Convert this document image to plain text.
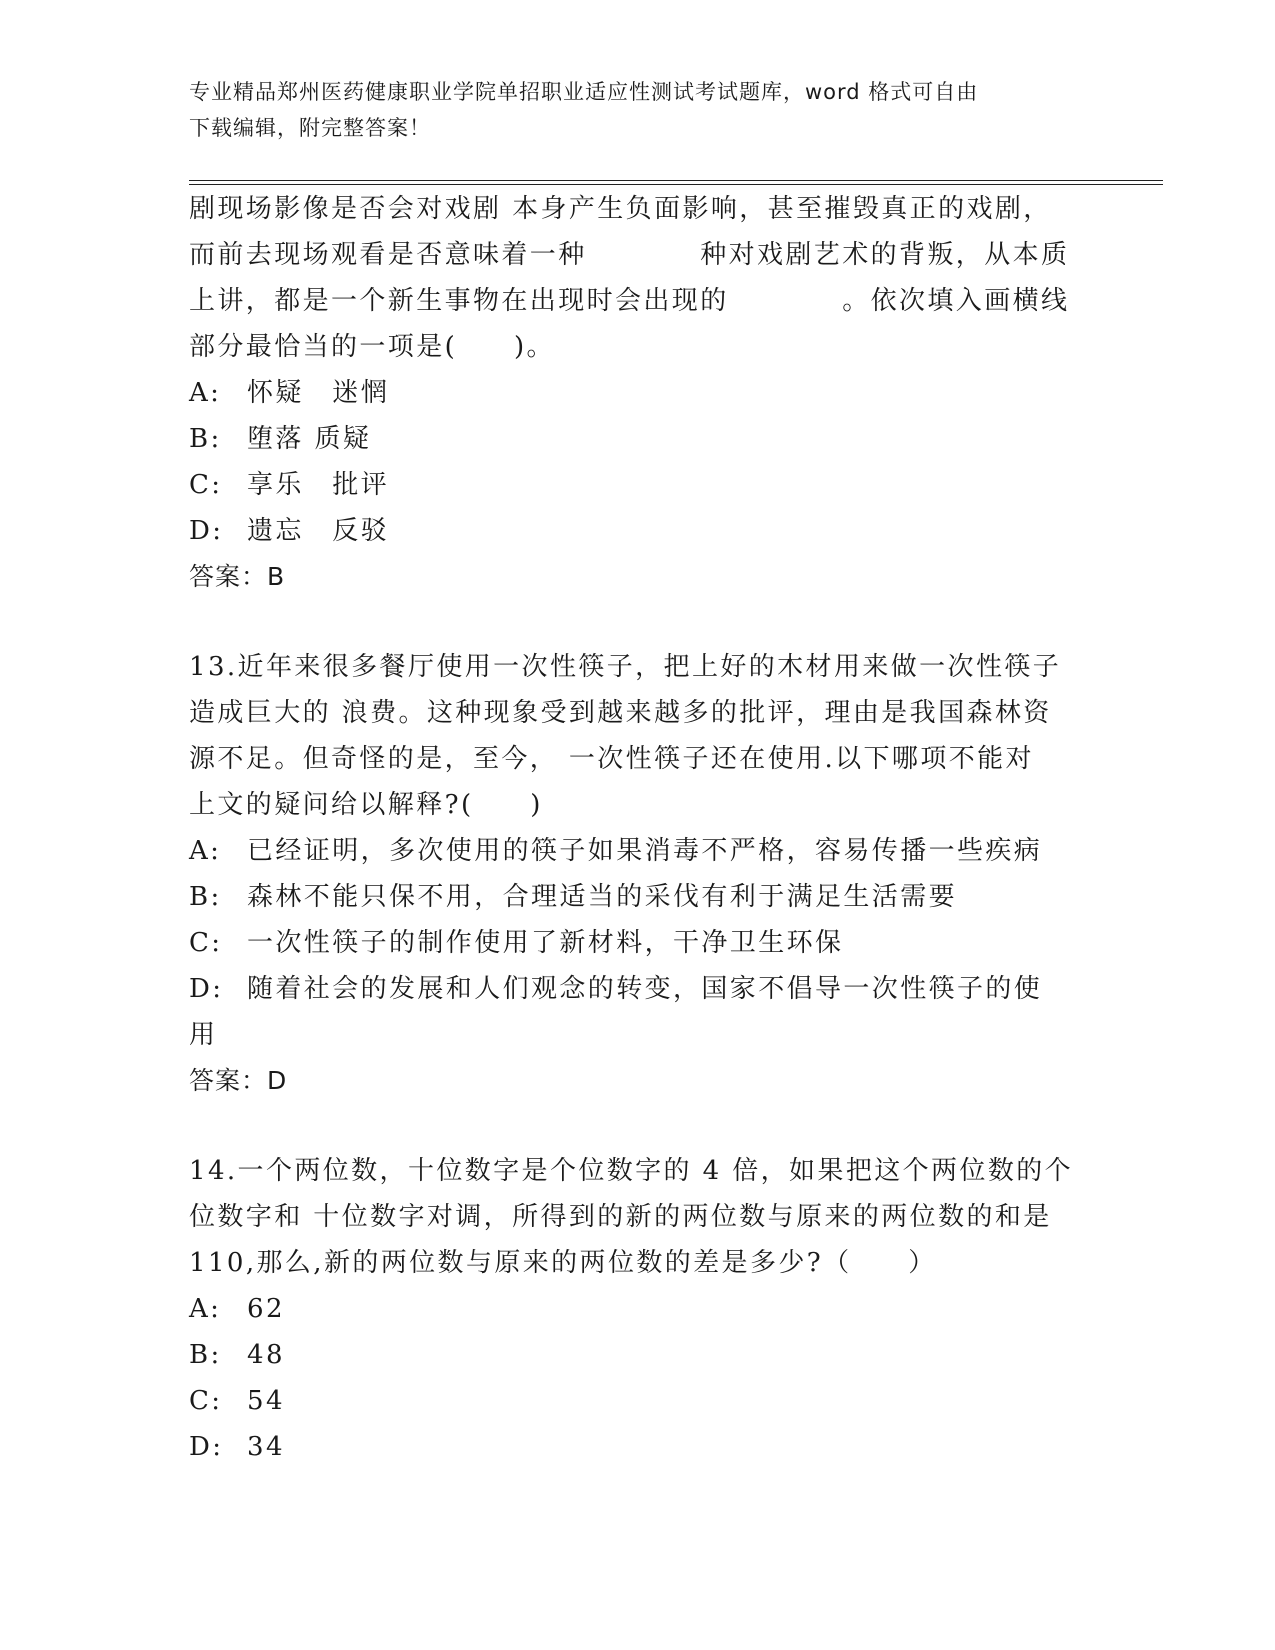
专业精品郑州医药健康职业学院单招职业适应性测试考试题库，word 格式可自由
下载编辑，附完整答案！
剧现场影像是否会对戏剧 本身产生负面影响，甚至摧毁真正的戏剧，
而前去现场观看是否意味着一种　　　　种对戏剧艺术的背叛，从本质
上讲，都是一个新生事物在出现时会出现的　　　　。依次填入画横线
部分最恰当的一项是(　　)。
A: 怀疑　迷惘
B: 堕落 质疑
C: 享乐　批评
D: 遗忘　反驳
答案：B
13.近年来很多餐厅使用一次性筷子，把上好的木材用来做一次性筷子
造成巨大的 浪费。这种现象受到越来越多的批评，理由是我国森林资
源不足。但奇怪的是，至今， 一次性筷子还在使用.以下哪项不能对
上文的疑问给以解释?(　　)
A: 已经证明，多次使用的筷子如果消毒不严格，容易传播一些疾病
B: 森林不能只保不用，合理适当的采伐有利于满足生活需要
C: 一次性筷子的制作使用了新材料，干净卫生环保
D: 随着社会的发展和人们观念的转变，国家不倡导一次性筷子的使
用
答案：D
14.一个两位数，十位数字是个位数字的 4 倍，如果把这个两位数的个
位数字和 十位数字对调，所得到的新的两位数与原来的两位数的和是
110,那么,新的两位数与原来的两位数的差是多少?（　　）
A: 62
B: 48
C: 54
D: 34
